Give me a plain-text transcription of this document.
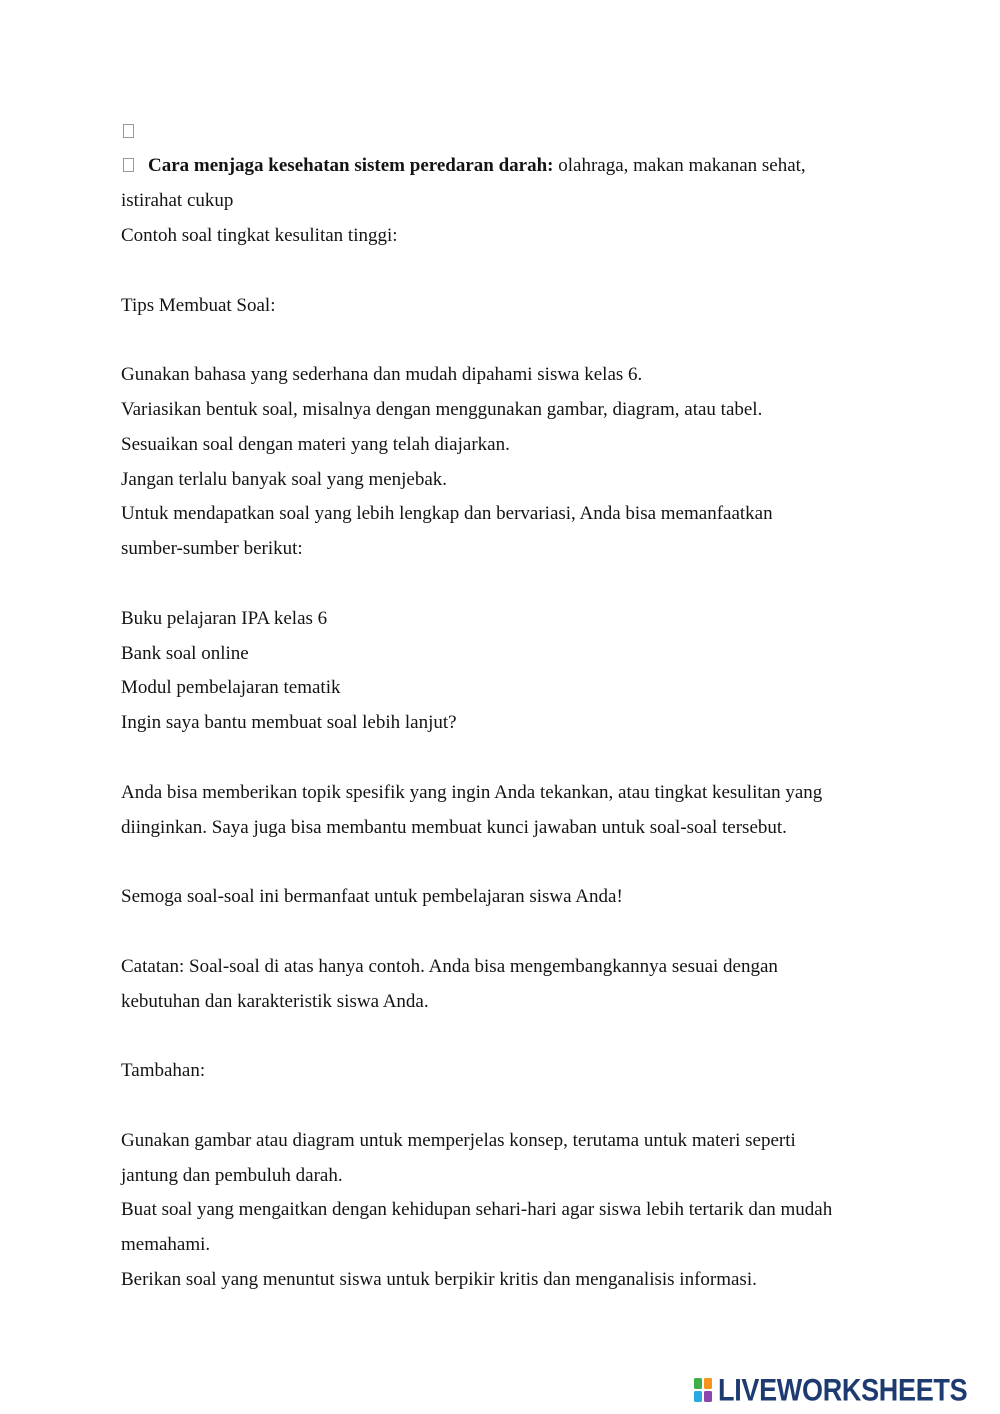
Cara menjaga kesehatan sistem peredaran darah: olahraga, makan makanan sehat,
istirahat cukup
Contoh soal tingkat kesulitan tinggi:
Tips Membuat Soal:
Gunakan bahasa yang sederhana dan mudah dipahami siswa kelas 6.
Variasikan bentuk soal, misalnya dengan menggunakan gambar, diagram, atau tabel.
Sesuaikan soal dengan materi yang telah diajarkan.
Jangan terlalu banyak soal yang menjebak.
Untuk mendapatkan soal yang lebih lengkap dan bervariasi, Anda bisa memanfaatkan
sumber-sumber berikut:
Buku pelajaran IPA kelas 6
Bank soal online
Modul pembelajaran tematik
Ingin saya bantu membuat soal lebih lanjut?
Anda bisa memberikan topik spesifik yang ingin Anda tekankan, atau tingkat kesulitan yang
diinginkan. Saya juga bisa membantu membuat kunci jawaban untuk soal-soal tersebut.
Semoga soal-soal ini bermanfaat untuk pembelajaran siswa Anda!
Catatan: Soal-soal di atas hanya contoh. Anda bisa mengembangkannya sesuai dengan
kebutuhan dan karakteristik siswa Anda.
Tambahan:
Gunakan gambar atau diagram untuk memperjelas konsep, terutama untuk materi seperti
jantung dan pembuluh darah.
Buat soal yang mengaitkan dengan kehidupan sehari-hari agar siswa lebih tertarik dan mudah
memahami.
Berikan soal yang menuntut siswa untuk berpikir kritis dan menganalisis informasi.
LIVEWORKSHEETS
